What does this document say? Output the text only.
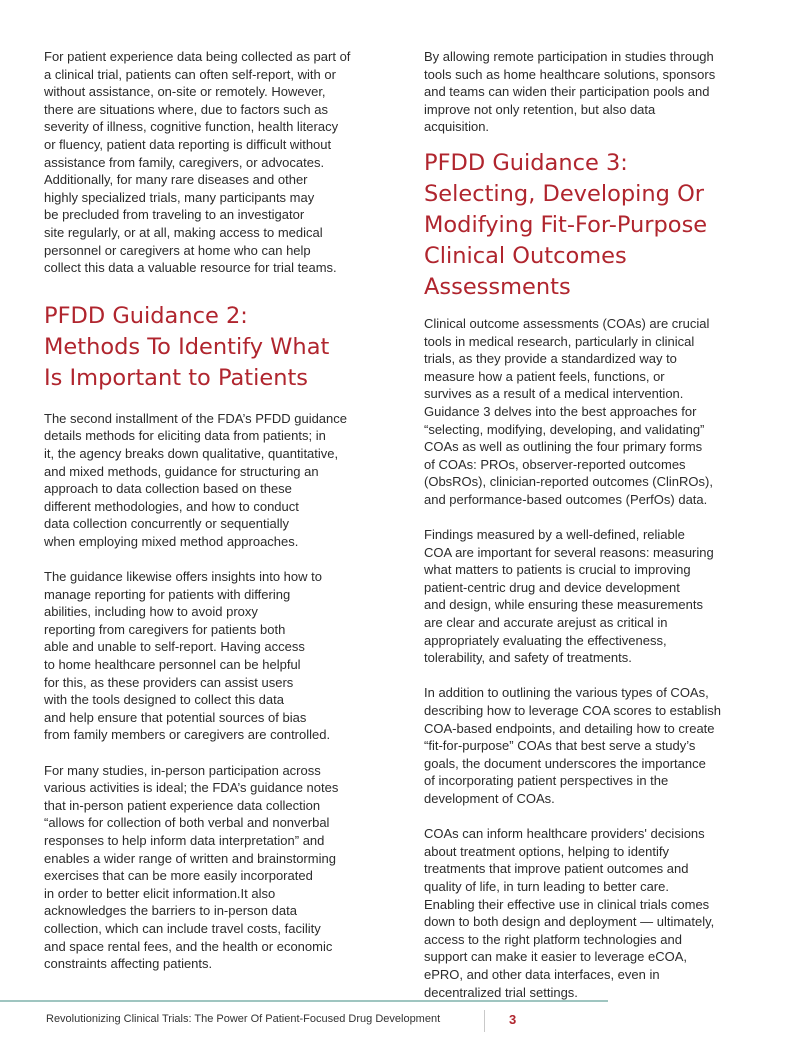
For patient experience data being collected as part of
a clinical trial, patients can often self-report, with or
without assistance, on-site or remotely. However,
there are situations where, due to factors such as
severity of illness, cognitive function, health literacy
or fluency, patient data reporting is difficult without
assistance from family, caregivers, or advocates.
Additionally, for many rare diseases and other
highly specialized trials, many participants may
be precluded from traveling to an investigator
site regularly, or at all, making access to medical
personnel or caregivers at home who can help
collect this data a valuable resource for trial teams.

PFDD Guidance 2:
Methods To Identify What
Is Important to Patients

The second installment of the FDA’s PFDD guidance
details methods for eliciting data from patients; in
it, the agency breaks down qualitative, quantitative,
and mixed methods, guidance for structuring an
approach to data collection based on these
different methodologies, and how to conduct
data collection concurrently or sequentially
when employing mixed method approaches.

The guidance likewise offers insights into how to
manage reporting for patients with differing
abilities, including how to avoid proxy
reporting from caregivers for patients both
able and unable to self-report. Having access
to home healthcare personnel can be helpful
for this, as these providers can assist users
with the tools designed to collect this data
and help ensure that potential sources of bias
from family members or caregivers are controlled.

For many studies, in-person participation across
various activities is ideal; the FDA’s guidance notes
that in-person patient experience data collection
“allows for collection of both verbal and nonverbal
responses to help inform data interpretation” and
enables a wider range of written and brainstorming
exercises that can be more easily incorporated
in order to better elicit information.It also
acknowledges the barriers to in-person data
collection, which can include travel costs, facility
and space rental fees, and the health or economic
constraints affecting patients.

By allowing remote participation in studies through
tools such as home healthcare solutions, sponsors
and teams can widen their participation pools and
improve not only retention, but also data
acquisition.

PFDD Guidance 3:
Selecting, Developing Or
Modifying Fit-For-Purpose
Clinical Outcomes Assessments

Clinical outcome assessments (COAs) are crucial
tools in medical research, particularly in clinical
trials, as they provide a standardized way to
measure how a patient feels, functions, or
survives as a result of a medical intervention.
Guidance 3 delves into the best approaches for
“selecting, modifying, developing, and validating”
COAs as well as outlining the four primary forms
of COAs: PROs, observer-reported outcomes
(ObsROs), clinician-reported outcomes (ClinROs),
and performance-based outcomes (PerfOs) data.

Findings measured by a well-defined, reliable
COA are important for several reasons: measuring
what matters to patients is crucial to improving
patient-centric drug and device development
and design, while ensuring these measurements
are clear and accurate arejust as critical in
appropriately evaluating the effectiveness,
tolerability, and safety of treatments.

In addition to outlining the various types of COAs,
describing how to leverage COA scores to establish
COA-based endpoints, and detailing how to create
“fit-for-purpose” COAs that best serve a study’s
goals, the document underscores the importance
of incorporating patient perspectives in the
development of COAs.

COAs can inform healthcare providers' decisions
about treatment options, helping to identify
treatments that improve patient outcomes and
quality of life, in turn leading to better care.
Enabling their effective use in clinical trials comes
down to both design and deployment — ultimately,
access to the right platform technologies and
support can make it easier to leverage eCOA,
ePRO, and other data interfaces, even in
decentralized trial settings.

Revolutionizing Clinical Trials: The Power Of Patient-Focused Drug Development	3
